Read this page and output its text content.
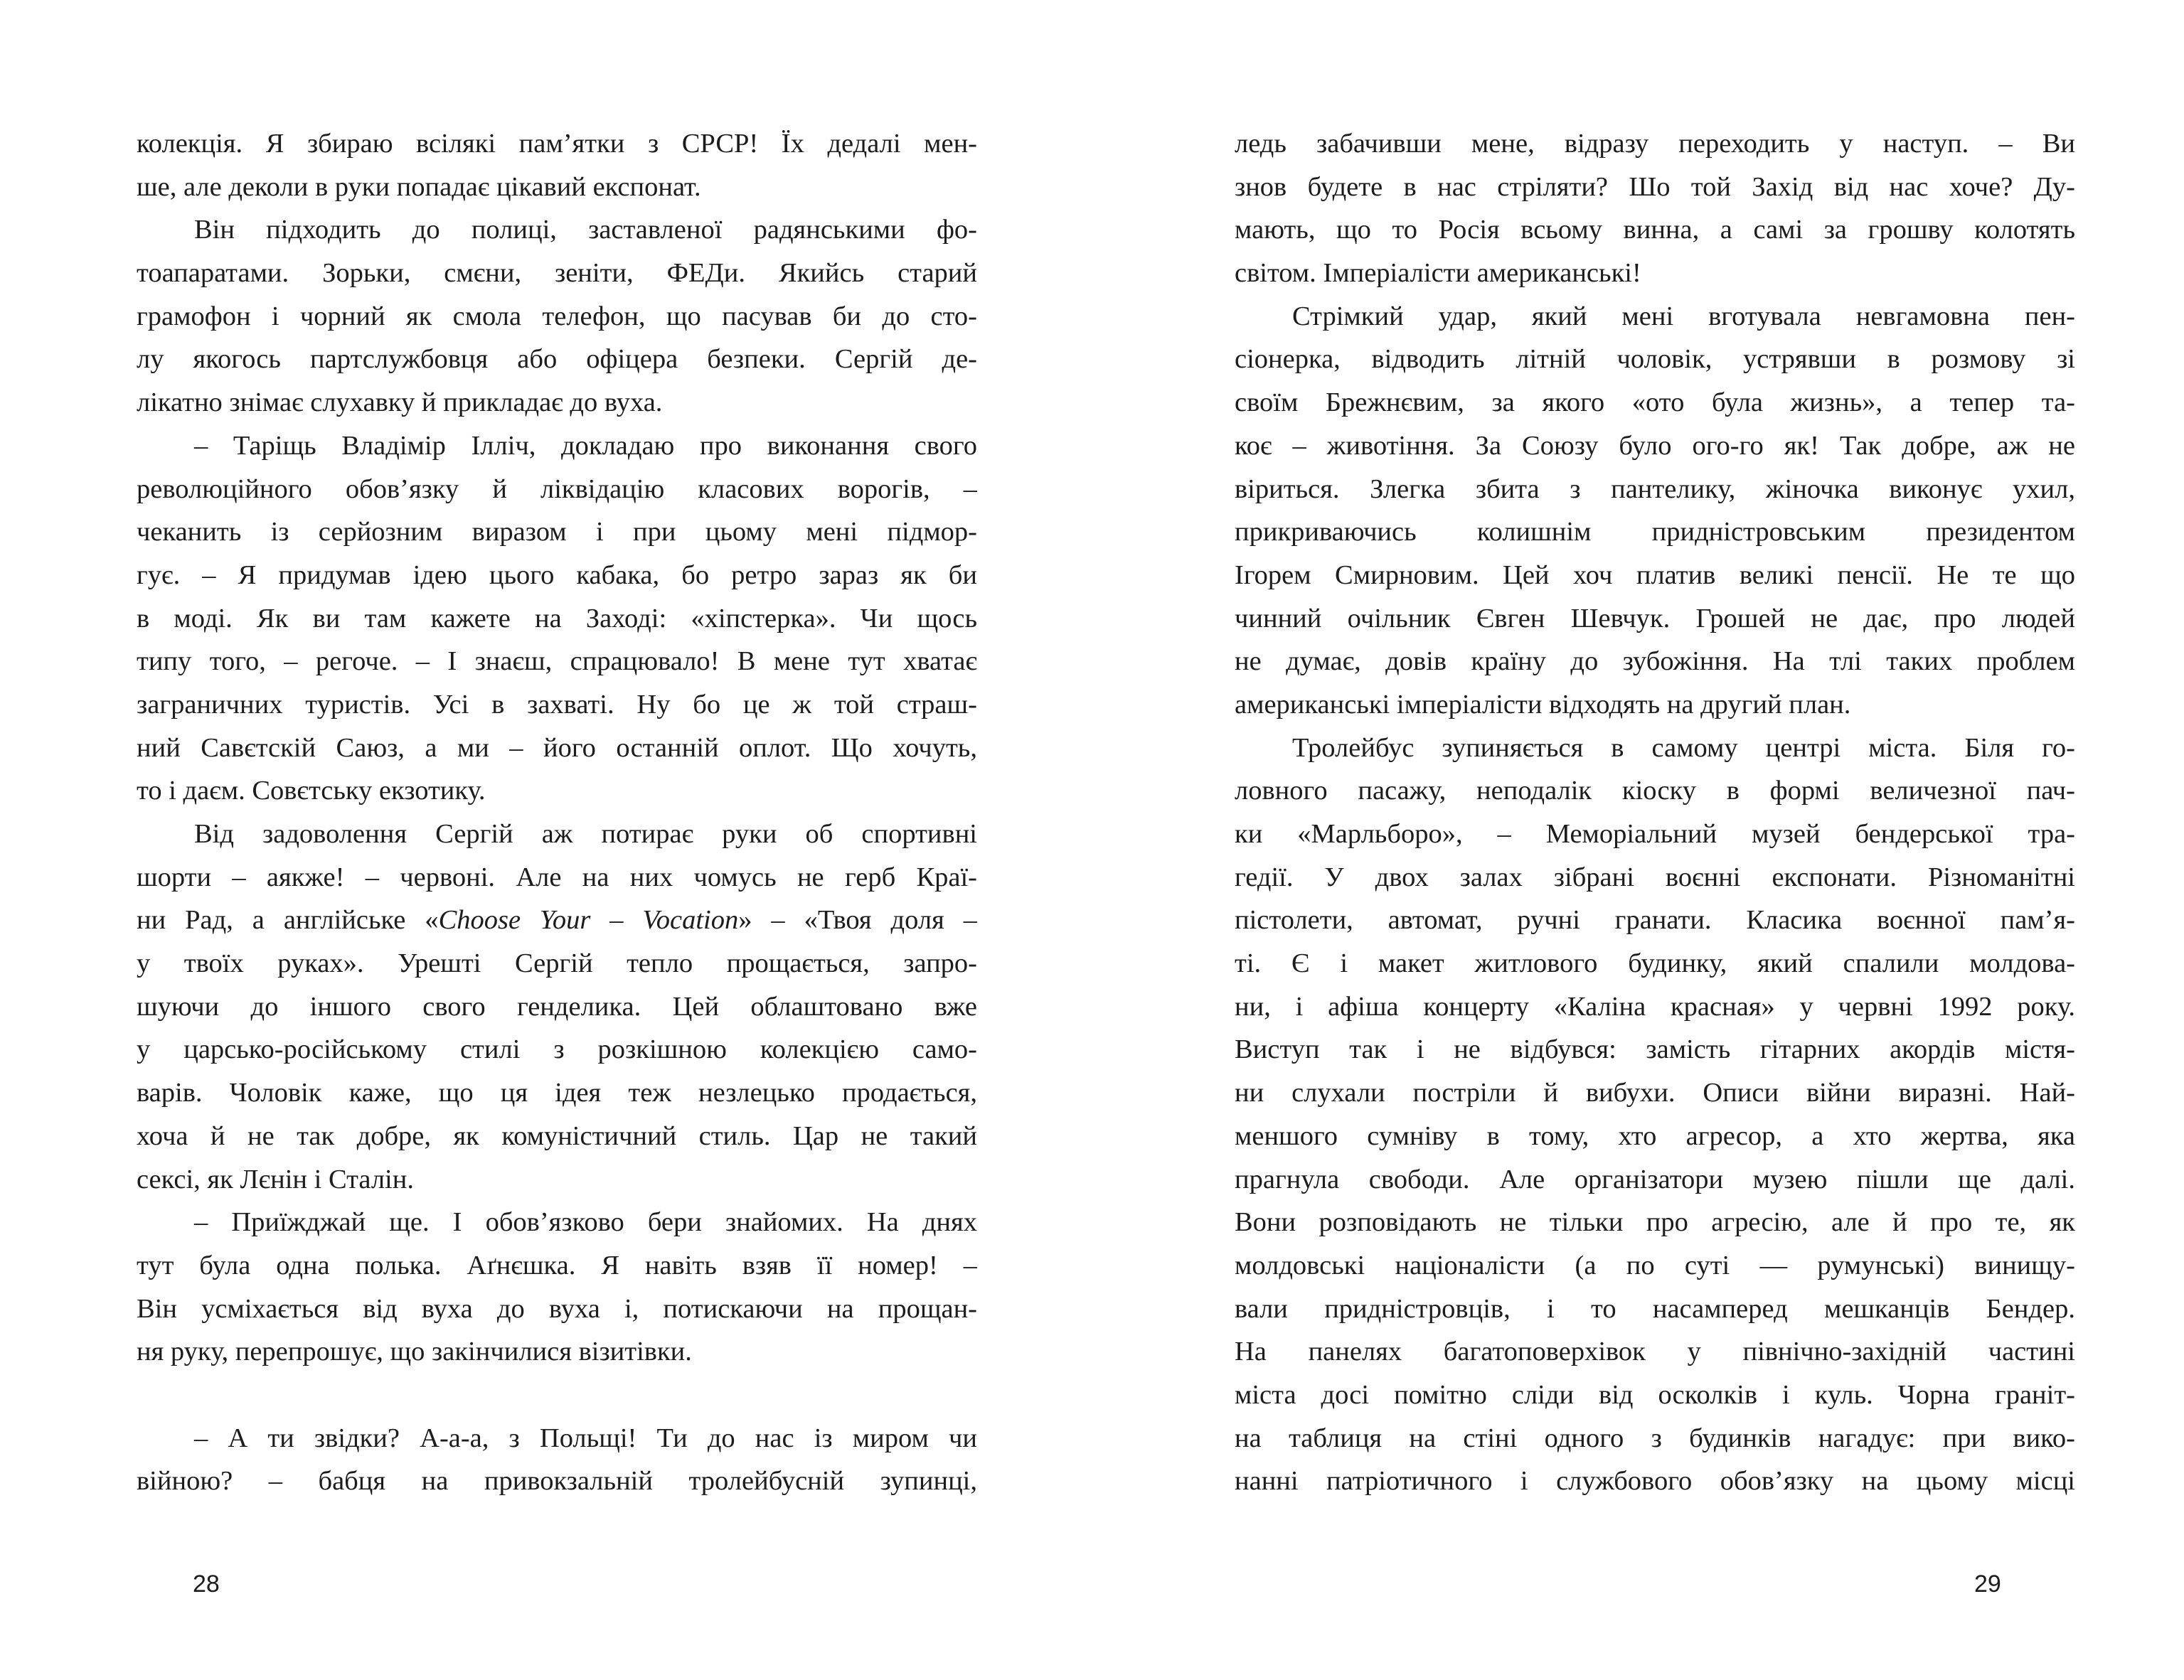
колекція. Я збираю всілякі пам’ятки з СРСР! Їх дедалі мен-
ше, але деколи в руки попадає цікавий експонат.
Він підходить до полиці, заставленої радянськими фо-
тоапаратами. Зорьки, смєни, зеніти, ФЕДи. Якийсь старий
грамофон і чорний як смола телефон, що пасував би до сто-
лу якогось партслужбовця або офіцера безпеки. Сергій де-
лікатно знімає слухавку й прикладає до вуха.
– Таріщь Владімір Ілліч, докладаю про виконання свого
революційного обов’язку й ліквідацію класових ворогів, –
чеканить із серйозним виразом і при цьому мені підмор-
гує. – Я придумав ідею цього кабака, бо ретро зараз як би
в моді. Як ви там кажете на Заході: «хіпстерка». Чи щось
типу того, – регоче. – І знаєш, спрацювало! В мене тут хватає
заграничних туристів. Усі в захваті. Ну бо це ж той страш-
ний Савєтскій Саюз, а ми – його останній оплот. Що хочуть,
то і даєм. Совєтську екзотику.
Від задоволення Сергій аж потирає руки об спортивні
шорти – аякже! – червоні. Але на них чомусь не герб Краї-
ни Рад, а англійське «Choose Your – Vocation» – «Твоя доля –
у твоїх руках». Урешті Сергій тепло прощається, запро-
шуючи до іншого свого генделика. Цей облаштовано вже
у царсько-російському стилі з розкішною колекцією само-
варів. Чоловік каже, що ця ідея теж незлецько продається,
хоча й не так добре, як комуністичний стиль. Цар не такий
сексі, як Лєнін і Сталін.
– Приїжджай ще. І обов’язково бери знайомих. На днях
тут була одна полька. Аґнєшка. Я навіть взяв її номер! –
Він усміхається від вуха до вуха і, потискаючи на прощан-
ня руку, перепрошує, що закінчилися візитівки.
– А ти звідки? А-а-а, з Польщі! Ти до нас із миром чи
війною? – бабця на привокзальній тролейбусній зупинці,
28
ледь забачивши мене, відразу переходить у наступ. – Ви
знов будете в нас стріляти? Шо той Захід від нас хоче? Ду-
мають, що то Росія всьому винна, а самі за грошву колотять
світом. Імперіалісти американські!
Стрімкий удар, який мені вготувала невгамовна пен-
сіонерка, відводить літній чоловік, устрявши в розмову зі
своїм Брежнєвим, за якого «ото була жизнь», а тепер та-
коє – животіння. За Союзу було ого-го як! Так добре, аж не
віриться. Злегка збита з пантелику, жіночка виконує ухил,
прикриваючись колишнім придністровським президентом
Ігорем Смирновим. Цей хоч платив великі пенсії. Не те що
чинний очільник Євген Шевчук. Грошей не дає, про людей
не думає, довів країну до зубожіння. На тлі таких проблем
американські імперіалісти відходять на другий план.
Тролейбус зупиняється в самому центрі міста. Біля го-
ловного пасажу, неподалік кіоску в формі величезної пач-
ки «Марльборо», – Меморіальний музей бендерської тра-
гедії. У двох залах зібрані воєнні експонати. Різноманітні
пістолети, автомат, ручні гранати. Класика воєнної пам’я-
ті. Є і макет житлового будинку, який спалили молдова-
ни, і афіша концерту «Каліна красная» у червні 1992 року.
Виступ так і не відбувся: замість гітарних акордів містя-
ни слухали постріли й вибухи. Описи війни виразні. Най-
меншого сумніву в тому, хто агресор, а хто жертва, яка
прагнула свободи. Але організатори музею пішли ще далі.
Вони розповідають не тільки про агресію, але й про те, як
молдовські націоналісти (а по суті — румунські) винищу-
вали придністровців, і то насамперед мешканців Бендер.
На панелях багатоповерхівок у північно-західній частині
міста досі помітно сліди від осколків і куль. Чорна граніт-
на таблиця на стіні одного з будинків нагадує: при вико-
нанні патріотичного і службового обов’язку на цьому місці
29
